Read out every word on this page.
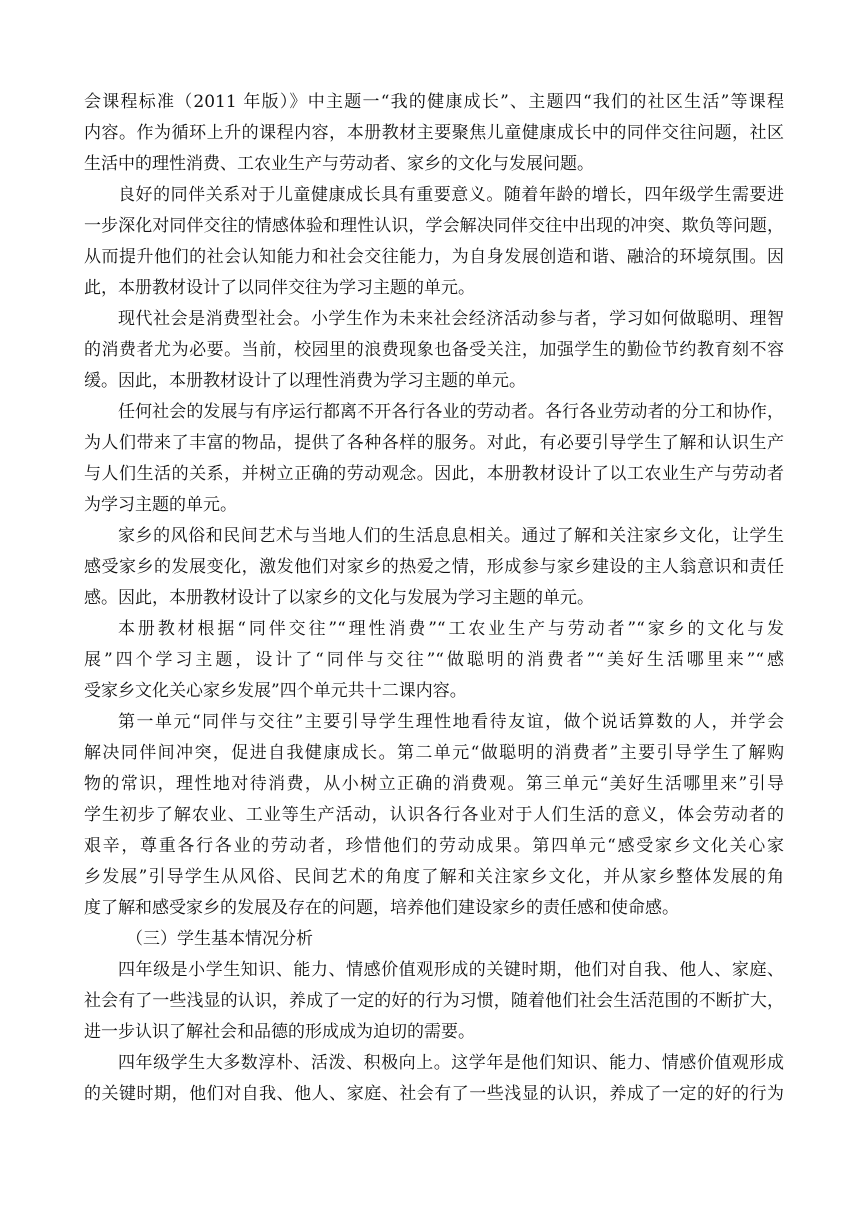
会课程标准（2011 年版）》中主题一“我的健康成长”、主题四“我们的社区生活”等课程
内容。作为循环上升的课程内容，本册教材主要聚焦儿童健康成长中的同伴交往问题，社区
生活中的理性消费、工农业生产与劳动者、家乡的文化与发展问题。
良好的同伴关系对于儿童健康成长具有重要意义。随着年龄的增长，四年级学生需要进
一步深化对同伴交往的情感体验和理性认识，学会解决同伴交往中出现的冲突、欺负等问题，
从而提升他们的社会认知能力和社会交往能力，为自身发展创造和谐、融洽的环境氛围。因
此，本册教材设计了以同伴交往为学习主题的单元。
现代社会是消费型社会。小学生作为未来社会经济活动参与者，学习如何做聪明、理智
的消费者尤为必要。当前，校园里的浪费现象也备受关注，加强学生的勤俭节约教育刻不容
缓。因此，本册教材设计了以理性消费为学习主题的单元。
任何社会的发展与有序运行都离不开各行各业的劳动者。各行各业劳动者的分工和协作，
为人们带来了丰富的物品，提供了各种各样的服务。对此，有必要引导学生了解和认识生产
与人们生活的关系，并树立正确的劳动观念。因此，本册教材设计了以工农业生产与劳动者
为学习主题的单元。
家乡的风俗和民间艺术与当地人们的生活息息相关。通过了解和关注家乡文化，让学生
感受家乡的发展变化，激发他们对家乡的热爱之情，形成参与家乡建设的主人翁意识和责任
感。因此，本册教材设计了以家乡的文化与发展为学习主题的单元。
本册教材根据“同伴交往”“理性消费”“工农业生产与劳动者”“家乡的文化与发
展”四个学习主题，设计了“同伴与交往”“做聪明的消费者”“美好生活哪里来”“感
受家乡文化关心家乡发展”四个单元共十二课内容。
第一单元“同伴与交往”主要引导学生理性地看待友谊，做个说话算数的人，并学会
解决同伴间冲突，促进自我健康成长。第二单元“做聪明的消费者”主要引导学生了解购
物的常识，理性地对待消费，从小树立正确的消费观。第三单元“美好生活哪里来”引导
学生初步了解农业、工业等生产活动，认识各行各业对于人们生活的意义，体会劳动者的
艰辛，尊重各行各业的劳动者，珍惜他们的劳动成果。第四单元“感受家乡文化关心家
乡发展”引导学生从风俗、民间艺术的角度了解和关注家乡文化，并从家乡整体发展的角
度了解和感受家乡的发展及存在的问题，培养他们建设家乡的责任感和使命感。
（三）学生基本情况分析
四年级是小学生知识、能力、情感价值观形成的关键时期，他们对自我、他人、家庭、
社会有了一些浅显的认识，养成了一定的好的行为习惯，随着他们社会生活范围的不断扩大，
进一步认识了解社会和品德的形成成为迫切的需要。
四年级学生大多数淳朴、活泼、积极向上。这学年是他们知识、能力、情感价值观形成
的关键时期，他们对自我、他人、家庭、社会有了一些浅显的认识，养成了一定的好的行为
